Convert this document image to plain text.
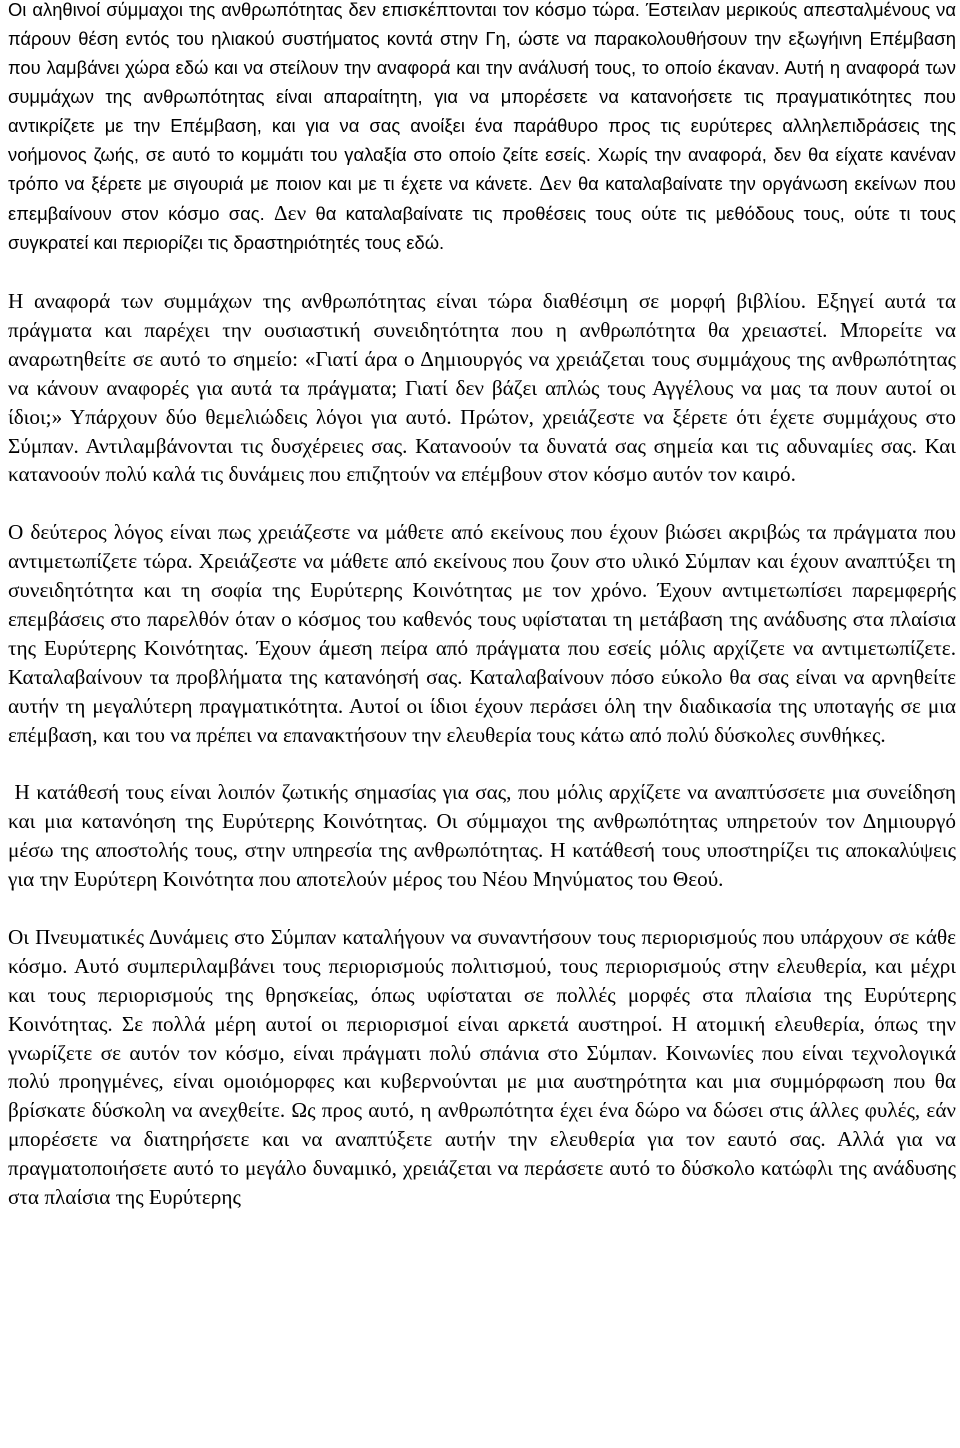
Οι αληθινοί σύμμαχοι της ανθρωπότητας δεν επισκέπτονται τον κόσμο τώρα. Έστειλαν μερικούς απεσταλμένους να πάρουν θέση εντός του ηλιακού συστήματος κοντά στην Γη, ώστε να παρακολουθήσουν την εξωγήινη Επέμβαση που λαμβάνει χώρα εδώ και να στείλουν την αναφορά και την ανάλυσή τους, το οποίο έκαναν. Αυτή η αναφορά των συμμάχων της ανθρωπότητας είναι απαραίτητη, για να μπορέσετε να κατανοήσετε τις πραγματικότητες που αντικρίζετε με την Επέμβαση, και για να σας ανοίξει ένα παράθυρο προς τις ευρύτερες αλληλεπιδράσεις της νοήμονος ζωής, σε αυτό το κομμάτι του γαλαξία στο οποίο ζείτε εσείς. Χωρίς την αναφορά, δεν θα είχατε κανέναν τρόπο να ξέρετε με σιγουριά με ποιον και με τι έχετε να κάνετε. Δεν θα καταλαβαίνατε την οργάνωση εκείνων που επεμβαίνουν στον κόσμο σας. Δεν θα καταλαβαίνατε τις προθέσεις τους ούτε τις μεθόδους τους, ούτε τι τους συγκρατεί και περιορίζει τις δραστηριότητές τους εδώ.

Η αναφορά των συμμάχων της ανθρωπότητας είναι τώρα διαθέσιμη σε μορφή βιβλίου. Εξηγεί αυτά τα πράγματα και παρέχει την ουσιαστική συνειδητότητα που η ανθρωπότητα θα χρειαστεί. Μπορείτε να αναρωτηθείτε σε αυτό το σημείο: «Γιατί άρα ο Δημιουργός να χρειάζεται τους συμμάχους της ανθρωπότητας να κάνουν αναφορές για αυτά τα πράγματα; Γιατί δεν βάζει απλώς τους Αγγέλους να μας τα πουν αυτοί οι ίδιοι;» Υπάρχουν δύο θεμελιώδεις λόγοι για αυτό. Πρώτον, χρειάζεστε να ξέρετε ότι έχετε συμμάχους στο Σύμπαν. Αντιλαμβάνονται τις δυσχέρειες σας. Κατανοούν τα δυνατά σας σημεία και τις αδυναμίες σας. Και κατανοούν πολύ καλά τις δυνάμεις που επιζητούν να επέμβουν στον κόσμο αυτόν τον καιρό.

Ο δεύτερος λόγος είναι πως χρειάζεστε να μάθετε από εκείνους που έχουν βιώσει ακριβώς τα πράγματα που αντιμετωπίζετε τώρα. Χρειάζεστε να μάθετε από εκείνους που ζουν στο υλικό Σύμπαν και έχουν αναπτύξει τη συνειδητότητα και τη σοφία της Ευρύτερης Κοινότητας με τον χρόνο. Έχουν αντιμετωπίσει παρεμφερής επεμβάσεις στο παρελθόν όταν ο κόσμος του καθενός τους υφίσταται τη μετάβαση της ανάδυσης στα πλαίσια της Ευρύτερης Κοινότητας. Έχουν άμεση πείρα από πράγματα που εσείς μόλις αρχίζετε να αντιμετωπίζετε. Καταλαβαίνουν τα προβλήματα της κατανόησή σας. Καταλαβαίνουν πόσο εύκολο θα σας είναι να αρνηθείτε αυτήν τη μεγαλύτερη πραγματικότητα. Αυτοί οι ίδιοι έχουν περάσει όλη την διαδικασία της υποταγής σε μια επέμβαση, και του να πρέπει να επανακτήσουν την ελευθερία τους κάτω από πολύ δύσκολες συνθήκες.

Η κατάθεσή τους είναι λοιπόν ζωτικής σημασίας για σας, που μόλις αρχίζετε να αναπτύσσετε μια συνείδηση και μια κατανόηση της Ευρύτερης Κοινότητας. Οι σύμμαχοι της ανθρωπότητας υπηρετούν τον Δημιουργό μέσω της αποστολής τους, στην υπηρεσία της ανθρωπότητας. Η κατάθεσή τους υποστηρίζει τις αποκαλύψεις για την Ευρύτερη Κοινότητα που αποτελούν μέρος του Νέου Μηνύματος του Θεού.

Οι Πνευματικές Δυνάμεις στο Σύμπαν καταλήγουν να συναντήσουν τους περιορισμούς που υπάρχουν σε κάθε κόσμο. Αυτό συμπεριλαμβάνει τους περιορισμούς πολιτισμού, τους περιορισμούς στην ελευθερία, και μέχρι και τους περιορισμούς της θρησκείας, όπως υφίσταται σε πολλές μορφές στα πλαίσια της Ευρύτερης Κοινότητας. Σε πολλά μέρη αυτοί οι περιορισμοί είναι αρκετά αυστηροί. Η ατομική ελευθερία, όπως την γνωρίζετε σε αυτόν τον κόσμο, είναι πράγματι πολύ σπάνια στο Σύμπαν. Κοινωνίες που είναι τεχνολογικά πολύ προηγμένες, είναι ομοιόμορφες και κυβερνούνται με μια αυστηρότητα και μια συμμόρφωση που θα βρίσκατε δύσκολη να ανεχθείτε. Ως προς αυτό, η ανθρωπότητα έχει ένα δώρο να δώσει στις άλλες φυλές, εάν μπορέσετε να διατηρήσετε και να αναπτύξετε αυτήν την ελευθερία για τον εαυτό σας. Αλλά για να πραγματοποιήσετε αυτό το μεγάλο δυναμικό, χρειάζεται να περάσετε αυτό το δύσκολο κατώφλι της ανάδυσης στα πλαίσια της Ευρύτερης
